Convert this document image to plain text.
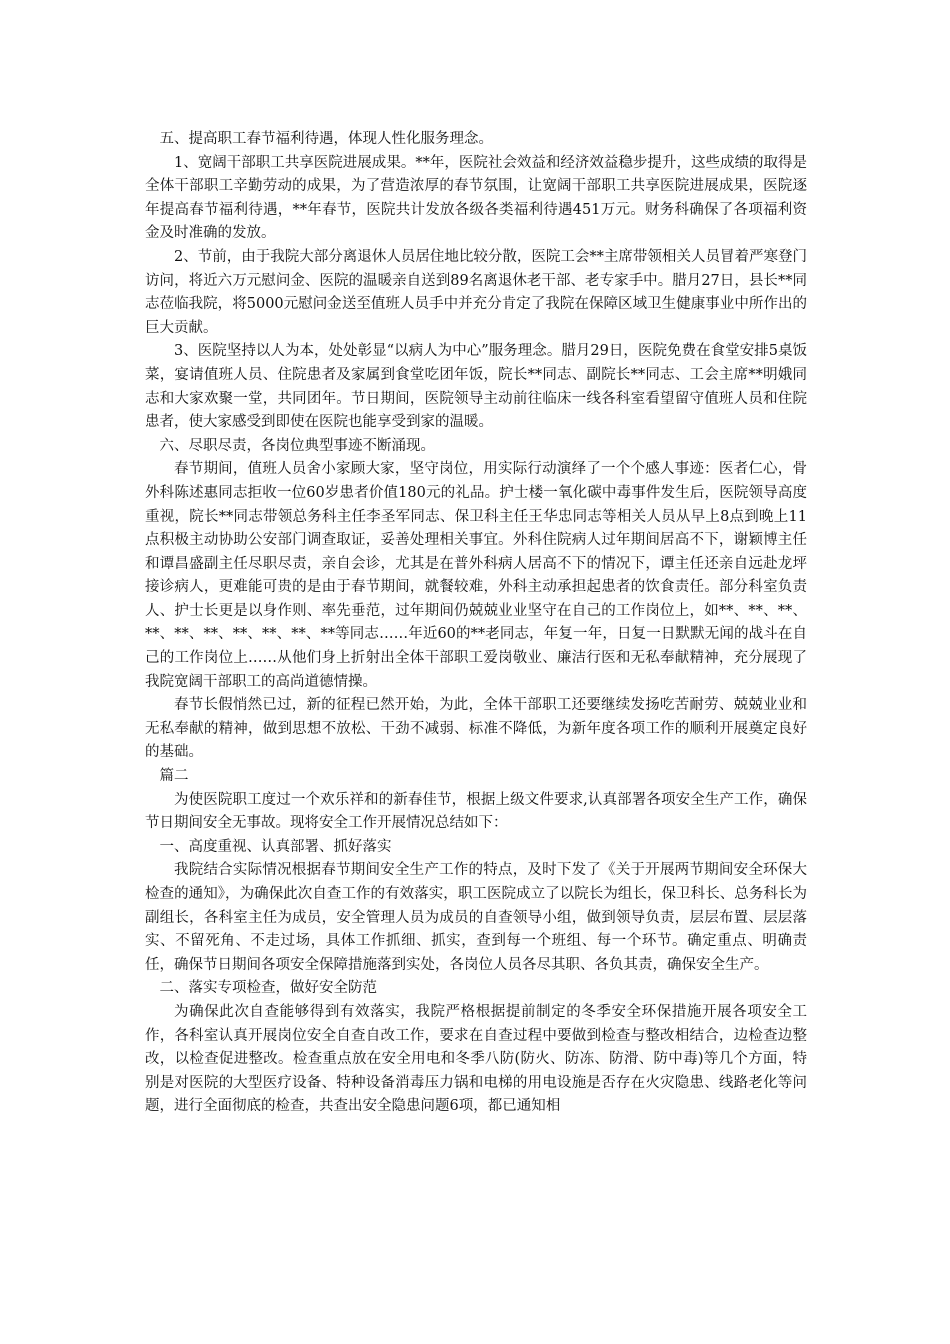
五、提高职工春节福利待遇，体现人性化服务理念。

1、宽阔干部职工共享医院进展成果。**年，医院社会效益和经济效益稳步提升，这些成绩的取得是全体干部职工辛勤劳动的成果，为了营造浓厚的春节氛围，让宽阔干部职工共享医院进展成果，医院逐年提高春节福利待遇，**年春节，医院共计发放各级各类福利待遇451万元。财务科确保了各项福利资金及时准确的发放。

2、节前，由于我院大部分离退休人员居住地比较分散，医院工会**主席带领相关人员冒着严寒登门访问，将近六万元慰问金、医院的温暖亲自送到89名离退休老干部、老专家手中。腊月27日，县长**同志莅临我院，将5000元慰问金送至值班人员手中并充分肯定了我院在保障区域卫生健康事业中所作出的巨大贡献。

3、医院坚持以人为本，处处彰显“以病人为中心”服务理念。腊月29日，医院免费在食堂安排5桌饭菜，宴请值班人员、住院患者及家属到食堂吃团年饭，院长**同志、副院长**同志、工会主席**明娥同志和大家欢聚一堂，共同团年。节日期间，医院领导主动前往临床一线各科室看望留守值班人员和住院患者，使大家感受到即使在医院也能享受到家的温暖。

六、尽职尽责，各岗位典型事迹不断涌现。

春节期间，值班人员舍小家顾大家，坚守岗位，用实际行动演绎了一个个感人事迹：医者仁心，骨外科陈述惠同志拒收一位60岁患者价值180元的礼品。护士楼一氧化碳中毒事件发生后，医院领导高度重视，院长**同志带领总务科主任李圣军同志、保卫科主任王华忠同志等相关人员从早上8点到晚上11点积极主动协助公安部门调查取证，妥善处理相关事宜。外科住院病人过年期间居高不下，谢颖博主任和谭昌盛副主任尽职尽责，亲自会诊，尤其是在普外科病人居高不下的情况下，谭主任还亲自远赴龙坪接诊病人，更难能可贵的是由于春节期间，就餐较难，外科主动承担起患者的饮食责任。部分科室负责人、护士长更是以身作则、率先垂范，过年期间仍兢兢业业坚守在自己的工作岗位上，如**、**、**、**、**、**、**、**、**、**等同志……年近60的**老同志，年复一年，日复一日默默无闻的战斗在自己的工作岗位上……从他们身上折射出全体干部职工爱岗敬业、廉洁行医和无私奉献精神，充分展现了我院宽阔干部职工的高尚道德情操。

春节长假悄然已过，新的征程已然开始，为此，全体干部职工还要继续发扬吃苦耐劳、兢兢业业和无私奉献的精神，做到思想不放松、干劲不减弱、标准不降低，为新年度各项工作的顺利开展奠定良好的基础。

篇二

为使医院职工度过一个欢乐祥和的新春佳节，根据上级文件要求,认真部署各项安全生产工作，确保节日期间安全无事故。现将安全工作开展情况总结如下：

一、高度重视、认真部署、抓好落实

我院结合实际情况根据春节期间安全生产工作的特点，及时下发了《关于开展两节期间安全环保大检查的通知》，为确保此次自查工作的有效落实，职工医院成立了以院长为组长，保卫科长、总务科长为副组长，各科室主任为成员，安全管理人员为成员的自查领导小组，做到领导负责，层层布置、层层落实、不留死角、不走过场，具体工作抓细、抓实，查到每一个班组、每一个环节。确定重点、明确责任，确保节日期间各项安全保障措施落到实处，各岗位人员各尽其职、各负其责，确保安全生产。

二、落实专项检查，做好安全防范

为确保此次自查能够得到有效落实，我院严格根据提前制定的冬季安全环保措施开展各项安全工作，各科室认真开展岗位安全自查自改工作，要求在自查过程中要做到检查与整改相结合，边检查边整改，以检查促进整改。检查重点放在安全用电和冬季八防(防火、防冻、防滑、防中毒)等几个方面，特别是对医院的大型医疗设备、特种设备消毒压力锅和电梯的用电设施是否存在火灾隐患、线路老化等问题，进行全面彻底的检查，共查出安全隐患问题6项，都已通知相
